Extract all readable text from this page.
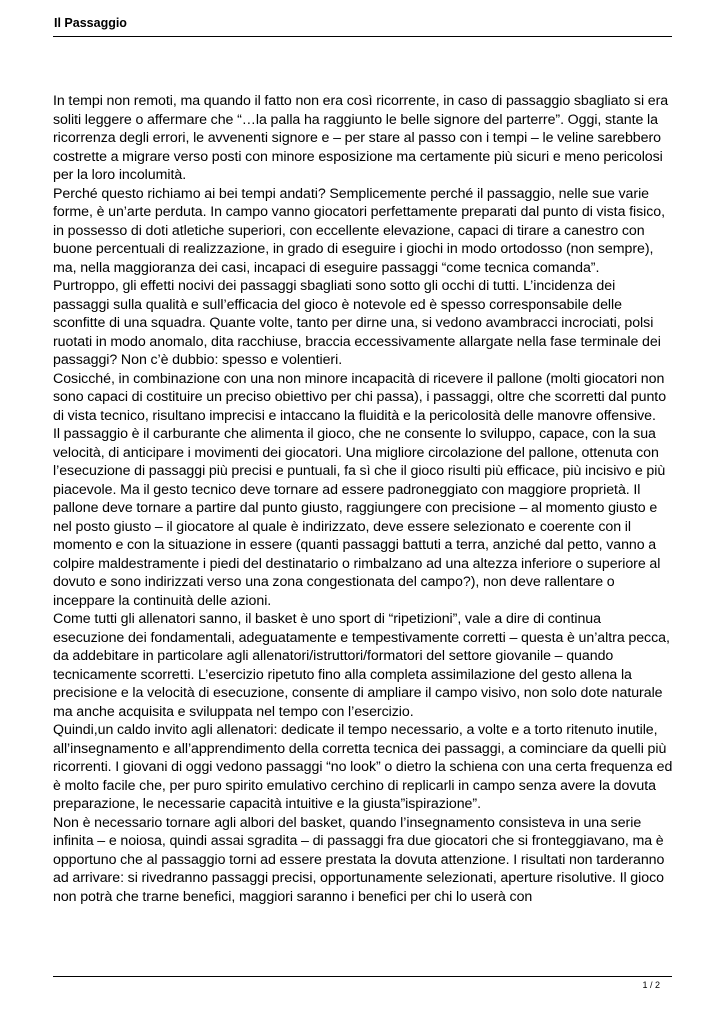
Il Passaggio

In tempi non remoti, ma quando il fatto non era così ricorrente, in caso di passaggio sbagliato si era soliti leggere o affermare che “…la palla ha raggiunto le belle signore del parterre”. Oggi, stante la ricorrenza degli errori, le avvenenti signore e – per stare al passo con i tempi – le veline sarebbero costrette a migrare verso posti con minore esposizione ma certamente più sicuri e meno pericolosi per la loro incolumità.

Perché questo richiamo ai bei tempi andati? Semplicemente perché il passaggio, nelle sue varie forme, è un’arte perduta. In campo vanno giocatori perfettamente preparati dal punto di vista fisico, in possesso di doti atletiche superiori, con eccellente elevazione, capaci di tirare a canestro con buone percentuali di realizzazione, in grado di eseguire i giochi in modo ortodosso (non sempre), ma, nella maggioranza dei casi, incapaci di eseguire passaggi “come tecnica comanda”.

Purtroppo, gli effetti nocivi dei passaggi sbagliati sono sotto gli occhi di tutti. L’incidenza dei passaggi sulla qualità e sull’efficacia del gioco è notevole ed è spesso corresponsabile delle sconfitte di una squadra. Quante volte, tanto per dirne una, si vedono avambracci incrociati, polsi ruotati in modo anomalo, dita racchiuse, braccia eccessivamente allargate nella fase terminale dei passaggi? Non c’è dubbio: spesso e volentieri.

Cosicché, in combinazione con una non minore incapacità di ricevere il pallone (molti giocatori non sono capaci di costituire un preciso obiettivo per chi passa), i passaggi, oltre che scorretti dal punto di vista tecnico, risultano imprecisi e intaccano la fluidità e la pericolosità delle manovre offensive.

Il passaggio è il carburante che alimenta il gioco, che ne consente lo sviluppo, capace, con la sua velocità, di anticipare i movimenti dei giocatori. Una migliore circolazione del pallone, ottenuta con l’esecuzione di passaggi più precisi e puntuali, fa sì che il gioco risulti più efficace, più incisivo e più piacevole. Ma il gesto tecnico deve tornare ad essere padroneggiato con maggiore proprietà. Il pallone deve tornare a partire dal punto giusto, raggiungere con precisione – al momento giusto e nel posto giusto – il giocatore al quale è indirizzato, deve essere selezionato e coerente con il momento e con la situazione in essere (quanti passaggi battuti a terra, anziché dal petto, vanno a colpire maldestramente i piedi del destinatario o rimbalzano ad una altezza inferiore o superiore al dovuto e sono indirizzati verso una zona congestionata del campo?), non deve rallentare o inceppare la continuità delle azioni.

Come tutti gli allenatori sanno, il basket è uno sport di “ripetizioni”, vale a dire di continua esecuzione dei fondamentali, adeguatamente e tempestivamente corretti – questa è un’altra pecca, da addebitare in particolare agli allenatori/istruttori/formatori del settore giovanile – quando tecnicamente scorretti. L’esercizio ripetuto fino alla completa assimilazione del gesto allena la precisione e la velocità di esecuzione, consente di ampliare il campo visivo, non solo dote naturale ma anche acquisita e sviluppata nel tempo con l’esercizio.

Quindi,un caldo invito agli allenatori: dedicate il tempo necessario, a volte e a torto ritenuto inutile, all’insegnamento e all’apprendimento della corretta tecnica dei passaggi, a cominciare da quelli più ricorrenti. I giovani di oggi vedono passaggi “no look” o dietro la schiena con una certa frequenza ed è molto facile che, per puro spirito emulativo cerchino di replicarli in campo senza avere la dovuta preparazione, le necessarie capacità intuitive e la giusta”ispirazione”.

Non è necessario tornare agli albori del basket, quando l’insegnamento consisteva in una serie infinita – e noiosa, quindi assai sgradita – di passaggi fra due giocatori che si fronteggiavano, ma è opportuno che al passaggio torni ad essere prestata la dovuta attenzione. I risultati non tarderanno ad arrivare: si rivedranno passaggi precisi, opportunamente selezionati, aperture risolutive. Il gioco non potrà che trarne benefici, maggiori saranno i benefici per chi lo userà con

1 / 2
